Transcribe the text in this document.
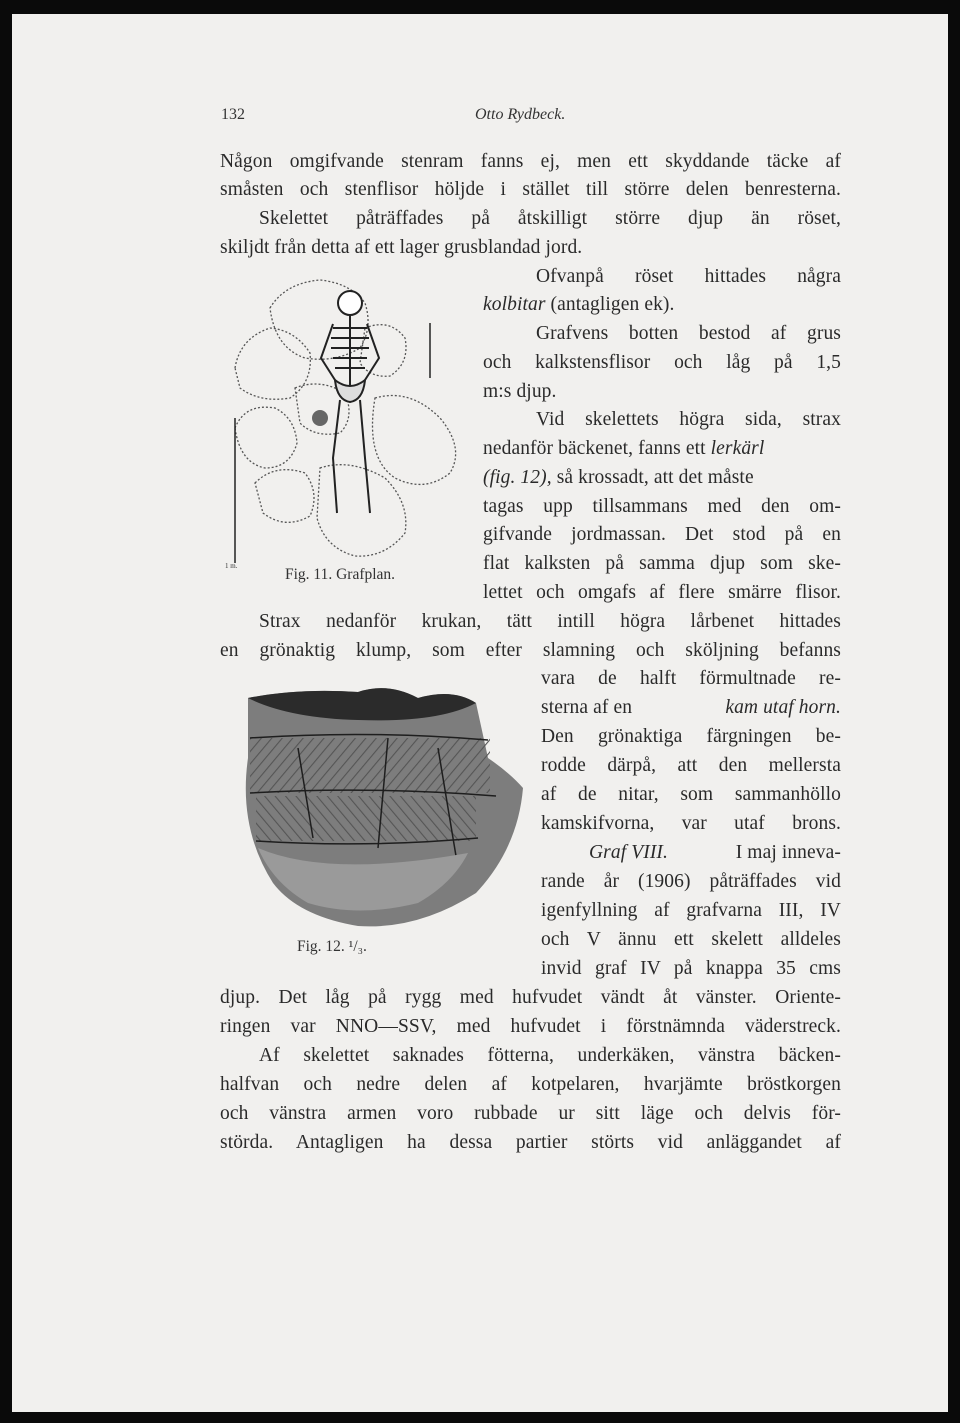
132	Otto Rydbeck.
Någon omgifvande stenram fanns ej, men ett skyddande täcke af
småsten och stenflisor höljde i stället till större delen benresterna.
Skelettet påträffades på åtskilligt större djup än röset,
skiljdt från detta af ett lager grusblandad jord.
Ofvanpå röset hittades några
kolbitar (antagligen ek).
Grafvens botten bestod af grus
och kalkstensflisor och låg på 1,5
m:s djup.
Vid skelettets högra sida, strax
nedanför bäckenet, fanns ett lerkärl
(fig. 12), så krossadt, att det måste
tagas upp tillsammans med den om-
gifvande jordmassan. Det stod på en
flat kalksten på samma djup som ske-
lettet och omgafs af flere smärre flisor.
Strax nedanför krukan, tätt intill högra lårbenet hittades
en grönaktig klump, som efter slamning och sköljning befanns
vara de halft förmultnade re-
sterna af en	kam utaf horn.
Den grönaktiga färgningen be-
rodde därpå, att den mellersta
af de nitar, som sammanhöllo
kamskifvorna, var utaf brons.
Graf VIII.	I maj inneva-
rande år (1906) påträffades vid
igenfyllning af grafvarna III, IV
och V ännu ett skelett alldeles
invid graf IV på knappa 35 cms
djup. Det låg på rygg med hufvudet vändt åt vänster. Oriente-
ringen var NNO—SSV, med hufvudet i förstnämnda väderstreck.
Af skelettet saknades fötterna, underkäken, vänstra bäcken-
halfvan och nedre delen af kotpelaren, hvarjämte bröstkorgen
och vänstra armen voro rubbade ur sitt läge och delvis för-
störda. Antagligen ha dessa partier störts vid anläggandet af
1 m.	Fig. 11. Grafplan.
Fig. 12. ¹/₃.
